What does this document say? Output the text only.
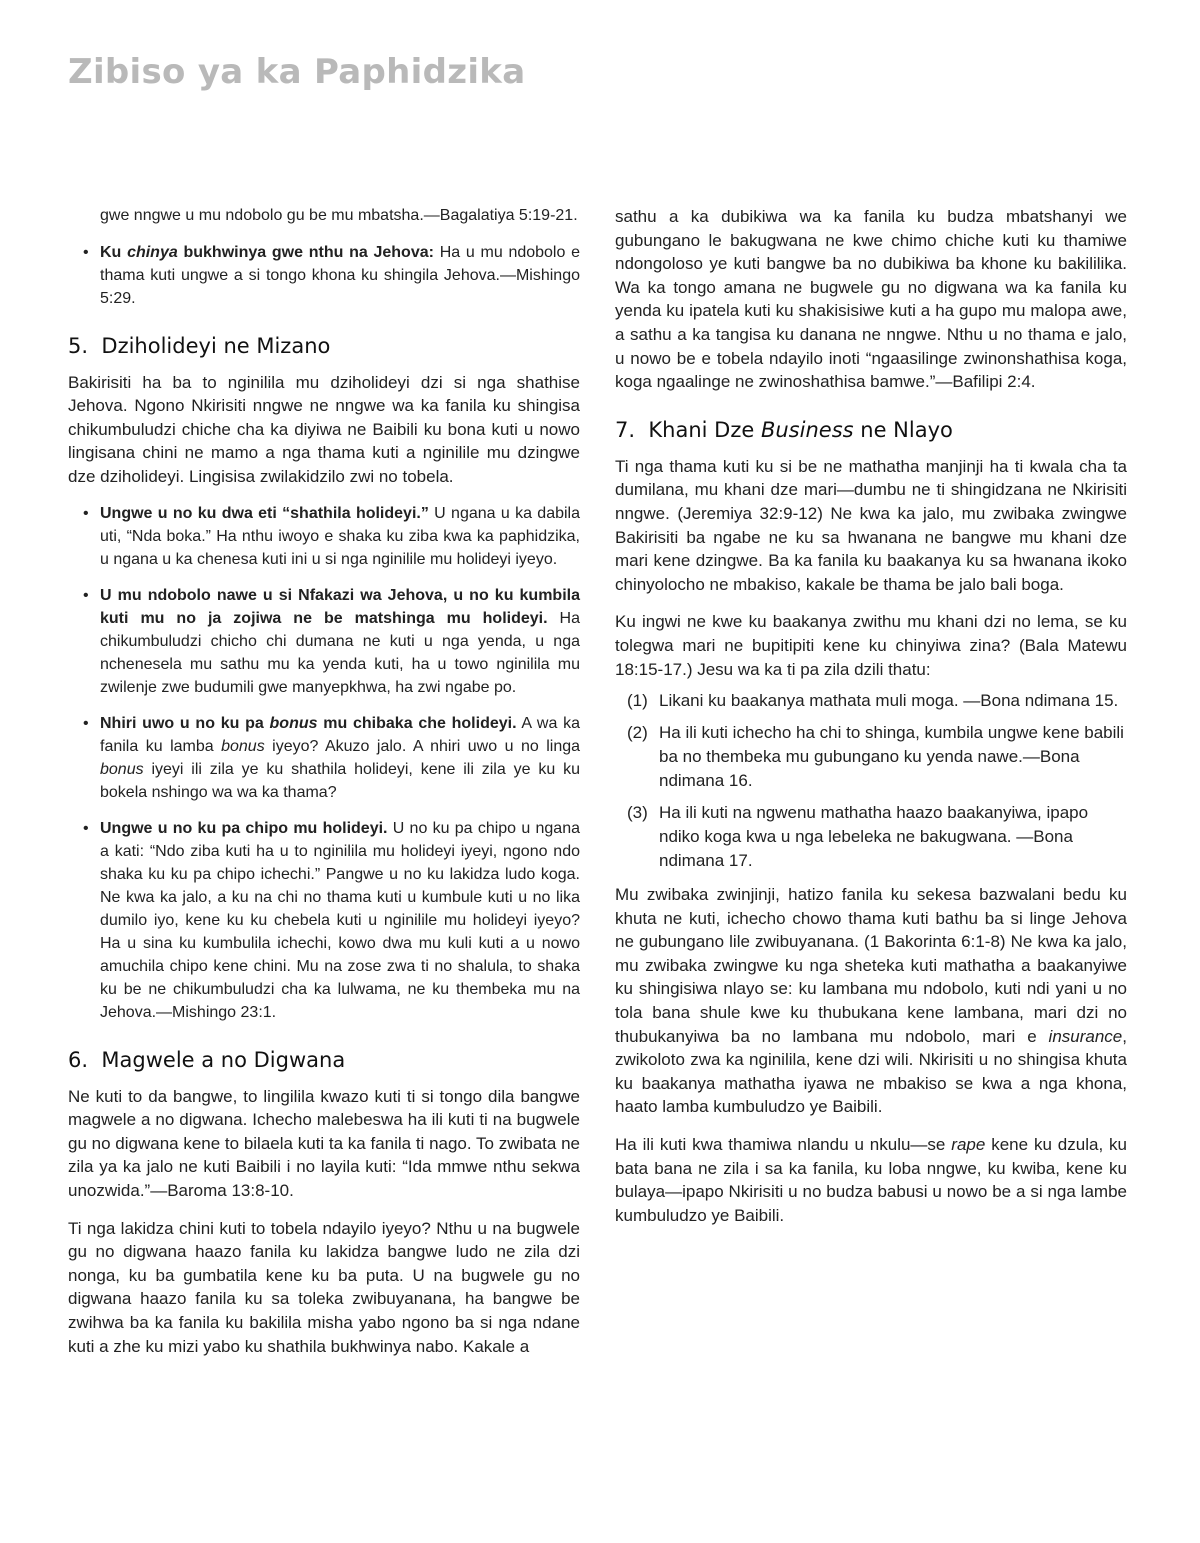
Zibiso ya ka Paphidzika

gwe nngwe u mu ndobolo gu be mu mbatsha.—Bagalatiya 5:19-21.

• Ku chinya bukhwinya gwe nthu na Jehova: Ha u mu ndobolo e thama kuti ungwe a si tongo khona ku shingila Jehova.—Mishingo 5:29.
5. Dziholideyi ne Mizano

Bakirisiti ha ba to nginilila mu dziholideyi dzi si nga shathise Jehova. Ngono Nkirisiti nngwe ne nngwe wa ka fanila ku shingisa chikumbuludzi chiche cha ka diyiwa ne Baibili ku bona kuti u nowo lingisana chini ne mamo a nga thama kuti a nginilile mu dzingwe dze dziholideyi. Lingisisa zwilakidzilo zwi no tobela.

• Ungwe u no ku dwa eti “shathila holideyi.” U ngana u ka dabila uti, “Nda boka.” Ha nthu iwoyo e shaka ku ziba kwa ka paphidzika, u ngana u ka chenesa kuti ini u si nga nginilile mu holideyi iyeyo.
• U mu ndobolo nawe u si Nfakazi wa Jehova, u no ku kumbila kuti mu no ja zojiwa ne be matshinga mu holideyi. Ha chikumbuludzi chicho chi dumana ne kuti u nga yenda, u nga nchenesela mu sathu mu ka yenda kuti, ha u towo nginilila mu zwilenje zwe budumili gwe manyepkhwa, ha zwi ngabe po.
• Nhiri uwo u no ku pa bonus mu chibaka che holideyi. A wa ka fanila ku lamba bonus iyeyo? Akuzo jalo. A nhiri uwo u no linga bonus iyeyi ili zila ye ku shathila holideyi, kene ili zila ye ku ku bokela nshingo wa wa ka thama?
• Ungwe u no ku pa chipo mu holideyi. U no ku pa chipo u ngana a kati: “Ndo ziba kuti ha u to nginilila mu holideyi iyeyi, ngono ndo shaka ku ku pa chipo ichechi.” Pangwe u no ku lakidza ludo koga. Ne kwa ka jalo, a ku na chi no thama kuti u kumbule kuti u no lika dumilo iyo, kene ku ku chebela kuti u nginilile mu holideyi iyeyo? Ha u sina ku kumbulila ichechi, kowo dwa mu kuli kuti a u nowo amuchila chipo kene chini. Mu na zose zwa ti no shalula, to shaka ku be ne chikumbuludzi cha ka lulwama, ne ku thembeka mu na Jehova.—Mishingo 23:1.
6. Magwele a no Digwana

Ne kuti to da bangwe, to lingilila kwazo kuti ti si tongo dila bangwe magwele a no digwana. Ichecho malebeswa ha ili kuti ti na bugwele gu no digwana kene to bilaela kuti ta ka fanila ti nago. To zwibata ne zila ya ka jalo ne kuti Baibili i no layila kuti: “Ida mmwe nthu sekwa unozwida.”—Baroma 13:8-10.

Ti nga lakidza chini kuti to tobela ndayilo iyeyo? Nthu u na bugwele gu no digwana haazo fanila ku lakidza bangwe ludo ne zila dzi nonga, ku ba gumbatila kene ku ba puta. U na bugwele gu no digwana haazo fanila ku sa toleka zwibuyanana, ha bangwe be zwihwa ba ka fanila ku bakilila misha yabo ngono ba si nga ndane kuti a zhe ku mizi yabo ku shathila bukhwinya nabo. Kakale a

sathu a ka dubikiwa wa ka fanila ku budza mbatshanyi we gubungano le bakugwana ne kwe chimo chiche kuti ku thamiwe ndongoloso ye kuti bangwe ba no dubikiwa ba khone ku bakililika. Wa ka tongo amana ne bugwele gu no digwana wa ka fanila ku yenda ku ipatela kuti ku shakisisiwe kuti a ha gupo mu malopa awe, a sathu a ka tangisa ku danana ne nngwe. Nthu u no thama e jalo, u nowo be e tobela ndayilo inoti “ngaasilinge zwinonshathisa koga, koga ngaalinge ne zwinoshathisa bamwe.”—Bafilipi 2:4.

7. Khani Dze Business ne Nlayo

Ti nga thama kuti ku si be ne mathatha manjinji ha ti kwala cha ta dumilana, mu khani dze mari—dumbu ne ti shingidzana ne Nkirisiti nngwe. (Jeremiya 32:9-12) Ne kwa ka jalo, mu zwibaka zwingwe Bakirisiti ba ngabe ne ku sa hwanana ne bangwe mu khani dze mari kene dzingwe. Ba ka fanila ku baakanya ku sa hwanana ikoko chinyolocho ne mbakiso, kakale be thama be jalo bali boga.

Ku ingwi ne kwe ku baakanya zwithu mu khani dzi no lema, se ku tolegwa mari ne bupitipiti kene ku chinyiwa zina? (Bala Matewu 18:15-17.) Jesu wa ka ti pa zila dzili thatu:

(1) Likani ku baakanya mathata muli moga. —Bona ndimana 15.
(2) Ha ili kuti ichecho ha chi to shinga, kumbila ungwe kene babili ba no thembeka mu gubungano ku yenda nawe.—Bona ndimana 16.
(3) Ha ili kuti na ngwenu mathatha haazo baakanyiwa, ipapo ndiko koga kwa u nga lebeleka ne bakugwana. —Bona ndimana 17.

Mu zwibaka zwinjinji, hatizo fanila ku sekesa bazwalani bedu ku khuta ne kuti, ichecho chowo thama kuti bathu ba si linge Jehova ne gubungano lile zwibuyanana. (1 Bakorinta 6:1-8) Ne kwa ka jalo, mu zwibaka zwingwe ku nga sheteka kuti mathatha a baakanyiwe ku shingisiwa nlayo se: ku lambana mu ndobolo, kuti ndi yani u no tola bana shule kwe ku thubukana kene lambana, mari dzi no thubukanyiwa ba no lambana mu ndobolo, mari e insurance, zwikoloto zwa ka nginilila, kene dzi wili. Nkirisiti u no shingisa khuta ku baakanya mathatha iyawa ne mbakiso se kwa a nga khona, haato lamba kumbuludzo ye Baibili.

Ha ili kuti kwa thamiwa nlandu u nkulu—se rape kene ku dzula, ku bata bana ne zila i sa ka fanila, ku loba nngwe, ku kwiba, kene ku bulaya—ipapo Nkirisiti u no budza babusi u nowo be a si nga lambe kumbuludzo ye Baibili.
